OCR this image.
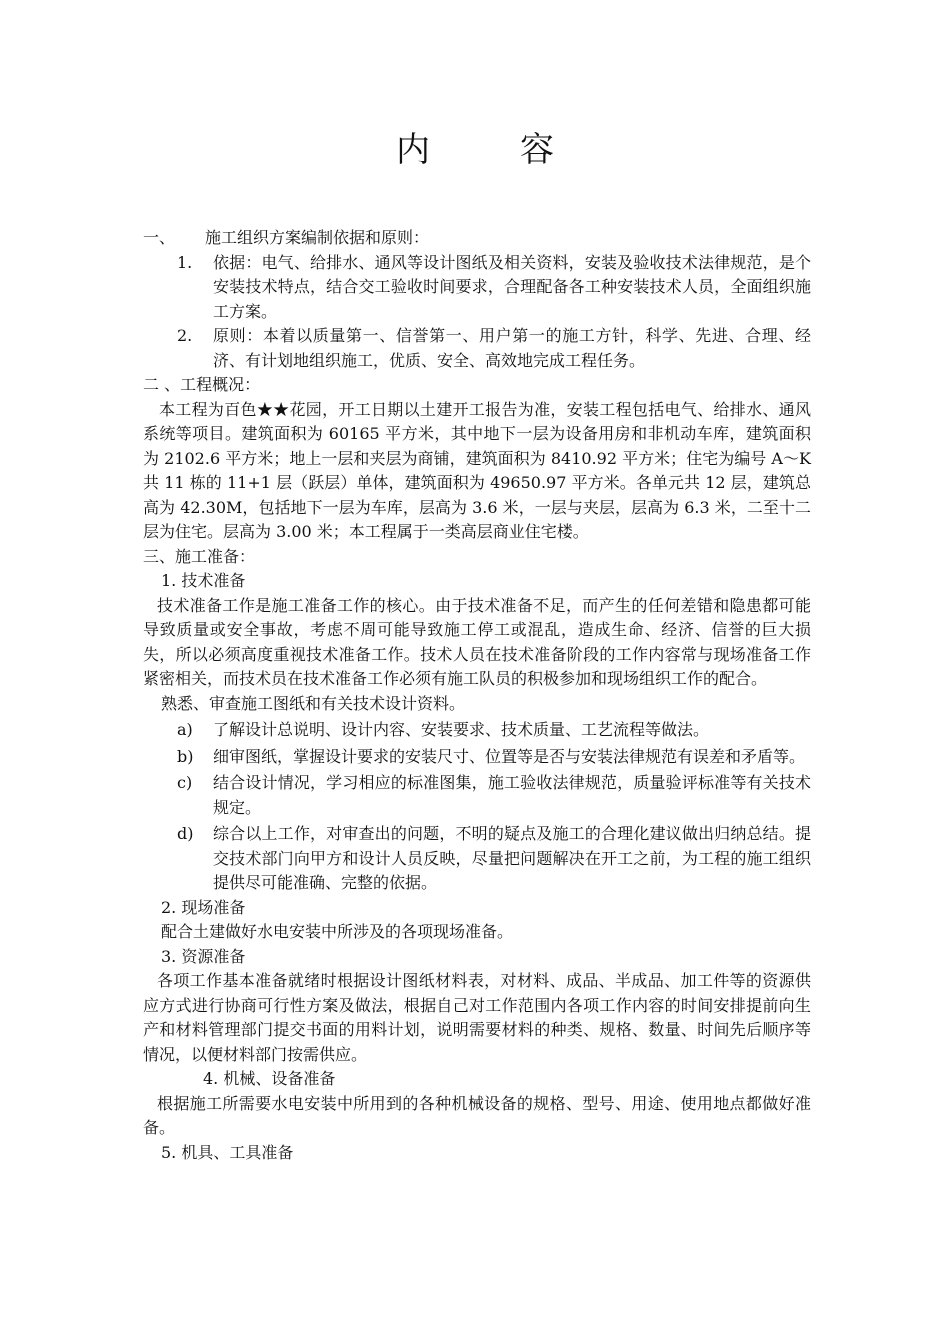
内　容
一、	施工组织方案编制依据和原则：
1.	依据：电气、给排水、通风等设计图纸及相关资料，安装及验收技术法律规范，是个安装技术特点，结合交工验收时间要求，合理配备各工种安装技术人员，全面组织施工方案。
2.	原则：本着以质量第一、信誉第一、用户第一的施工方针，科学、先进、合理、经济、有计划地组织施工，优质、安全、高效地完成工程任务。
二 、工程概况：
本工程为百色★★花园，开工日期以土建开工报告为准，安装工程包括电气、给排水、通风系统等项目。建筑面积为 60165 平方米，其中地下一层为设备用房和非机动车库，建筑面积为 2102.6 平方米；地上一层和夹层为商铺，建筑面积为 8410.92 平方米；住宅为编号 A～K 共 11 栋的 11+1 层（跃层）单体，建筑面积为 49650.97 平方米。各单元共 12 层，建筑总高为 42.30M，包括地下一层为车库，层高为 3.6 米，一层与夹层，层高为 6.3 米，二至十二层为住宅。层高为 3.00 米；本工程属于一类高层商业住宅楼。
三、施工准备：
1. 技术准备
技术准备工作是施工准备工作的核心。由于技术准备不足，而产生的任何差错和隐患都可能导致质量或安全事故，考虑不周可能导致施工停工或混乱，造成生命、经济、信誉的巨大损失，所以必须高度重视技术准备工作。技术人员在技术准备阶段的工作内容常与现场准备工作紧密相关，而技术员在技术准备工作必须有施工队员的积极参加和现场组织工作的配合。
熟悉、审查施工图纸和有关技术设计资料。
a)	了解设计总说明、设计内容、安装要求、技术质量、工艺流程等做法。
b)	细审图纸，掌握设计要求的安装尺寸、位置等是否与安装法律规范有误差和矛盾等。
c)	结合设计情况，学习相应的标准图集，施工验收法律规范，质量验评标准等有关技术规定。
d)	综合以上工作，对审查出的问题，不明的疑点及施工的合理化建议做出归纳总结。提交技术部门向甲方和设计人员反映，尽量把问题解决在开工之前，为工程的施工组织提供尽可能准确、完整的依据。
2. 现场准备
配合土建做好水电安装中所涉及的各项现场准备。
3. 资源准备
各项工作基本准备就绪时根据设计图纸材料表，对材料、成品、半成品、加工件等的资源供应方式进行协商可行性方案及做法，根据自己对工作范围内各项工作内容的时间安排提前向生产和材料管理部门提交书面的用料计划，说明需要材料的种类、规格、数量、时间先后顺序等情况，以便材料部门按需供应。
4. 机械、设备准备
根据施工所需要水电安装中所用到的各种机械设备的规格、型号、用途、使用地点都做好准备。
5. 机具、工具准备
